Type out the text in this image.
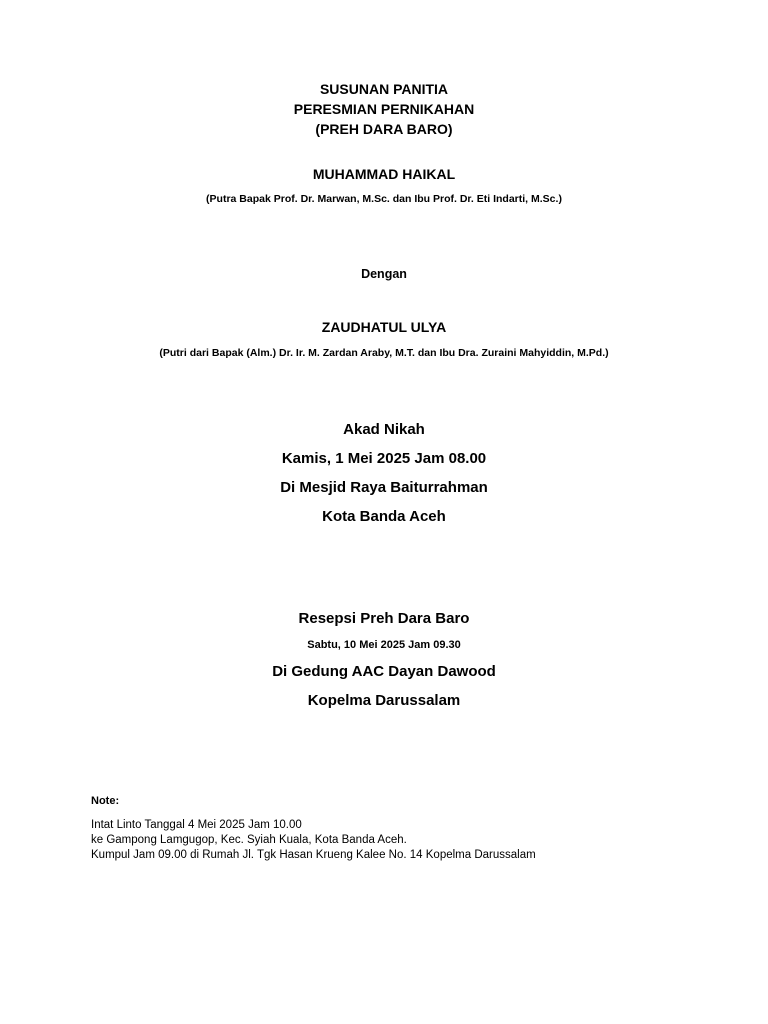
SUSUNAN PANITIA
PERESMIAN PERNIKAHAN
(PREH DARA BARO)
MUHAMMAD HAIKAL
(Putra Bapak Prof. Dr. Marwan, M.Sc. dan Ibu Prof. Dr. Eti Indarti, M.Sc.)
Dengan
ZAUDHATUL ULYA
(Putri dari Bapak (Alm.) Dr. Ir. M. Zardan Araby, M.T. dan Ibu Dra. Zuraini Mahyiddin, M.Pd.)
Akad Nikah
Kamis, 1 Mei 2025 Jam 08.00
Di Mesjid Raya Baiturrahman
Kota Banda Aceh
Resepsi Preh Dara Baro
Sabtu, 10 Mei 2025 Jam 09.30
Di Gedung AAC Dayan Dawood
Kopelma Darussalam
Note:
Intat Linto Tanggal 4 Mei 2025 Jam 10.00
ke Gampong Lamgugop, Kec. Syiah Kuala, Kota Banda Aceh.
Kumpul Jam 09.00 di Rumah Jl. Tgk Hasan Krueng Kalee No. 14 Kopelma Darussalam
